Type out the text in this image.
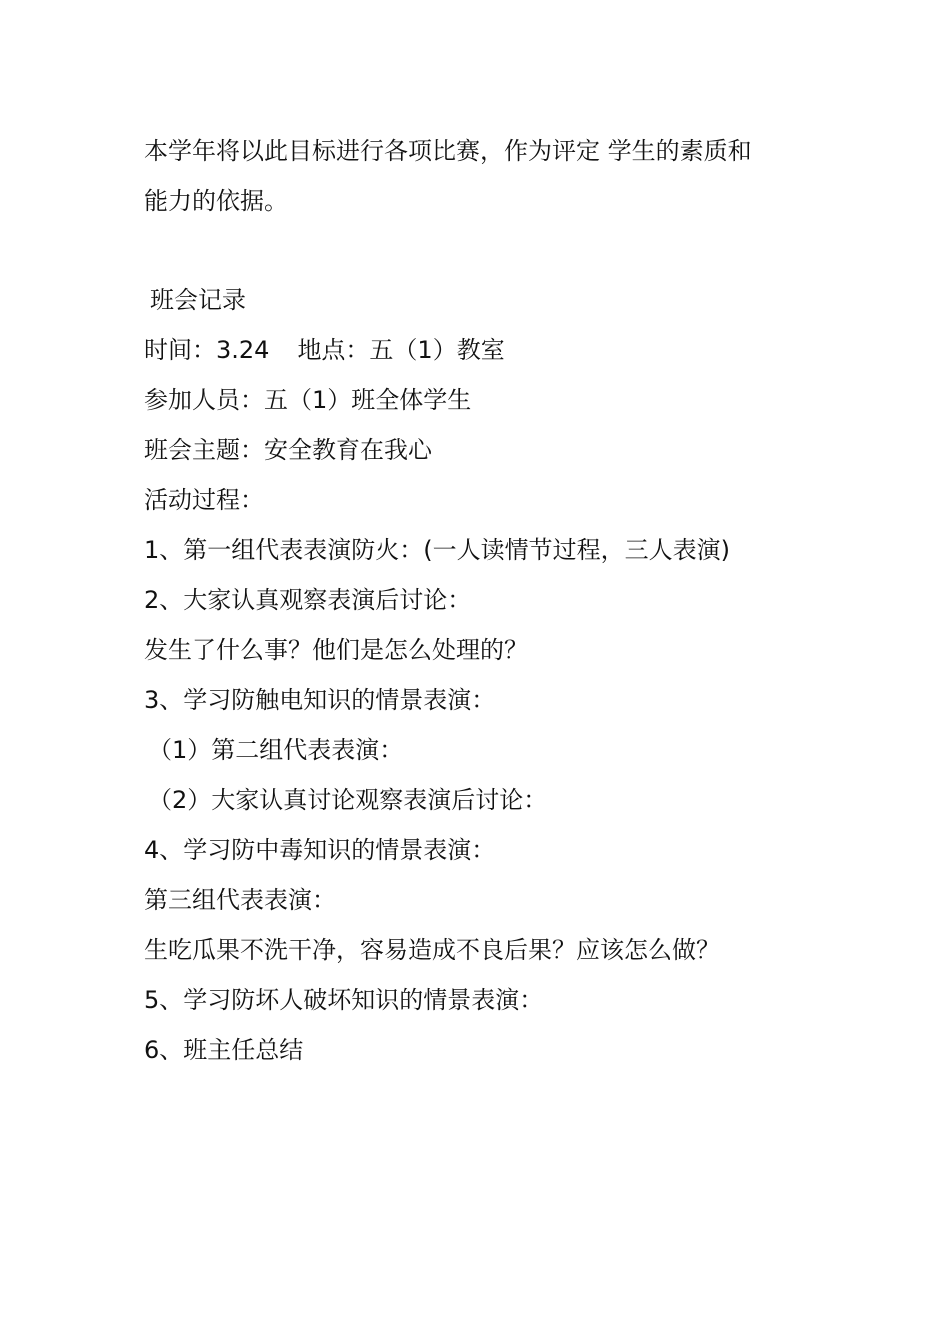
本学年将以此目标进行各项比赛，作为评定 学生的素质和

能力的依据。

班会记录

时间：3.24 地点：五（1）教室

参加人员：五（1）班全体学生

班会主题：安全教育在我心

活动过程：

1、第一组代表表演防火：(一人读情节过程，三人表演)

2、大家认真观察表演后讨论：

发生了什么事？他们是怎么处理的？

3、学习防触电知识的情景表演：

（1）第二组代表表演：

（2）大家认真讨论观察表演后讨论：

4、学习防中毒知识的情景表演：

第三组代表表演：

生吃瓜果不洗干净，容易造成不良后果？应该怎么做？

5、学习防坏人破坏知识的情景表演：

6、班主任总结
